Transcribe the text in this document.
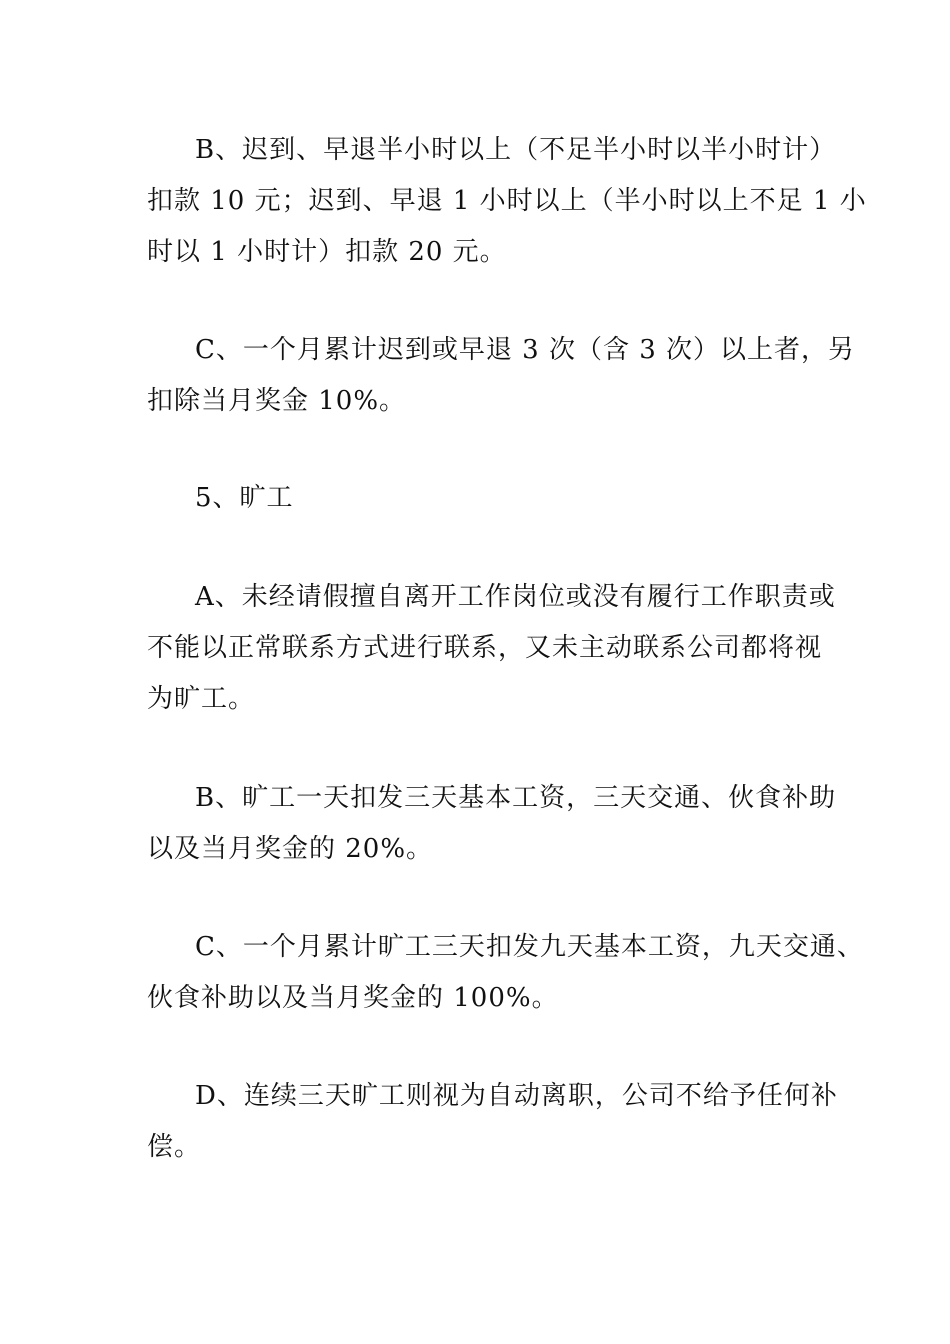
B、迟到、早退半小时以上（不足半小时以半小时计）
扣款 10 元；迟到、早退 1 小时以上（半小时以上不足 1 小
时以 1 小时计）扣款 20 元。

C、一个月累计迟到或早退 3 次（含 3 次）以上者，另
扣除当月奖金 10%。

5、旷工

A、未经请假擅自离开工作岗位或没有履行工作职责或
不能以正常联系方式进行联系，又未主动联系公司都将视
为旷工。

B、旷工一天扣发三天基本工资，三天交通、伙食补助
以及当月奖金的 20%。

C、一个月累计旷工三天扣发九天基本工资，九天交通、
伙食补助以及当月奖金的 100%。

D、连续三天旷工则视为自动离职，公司不给予任何补
偿。
